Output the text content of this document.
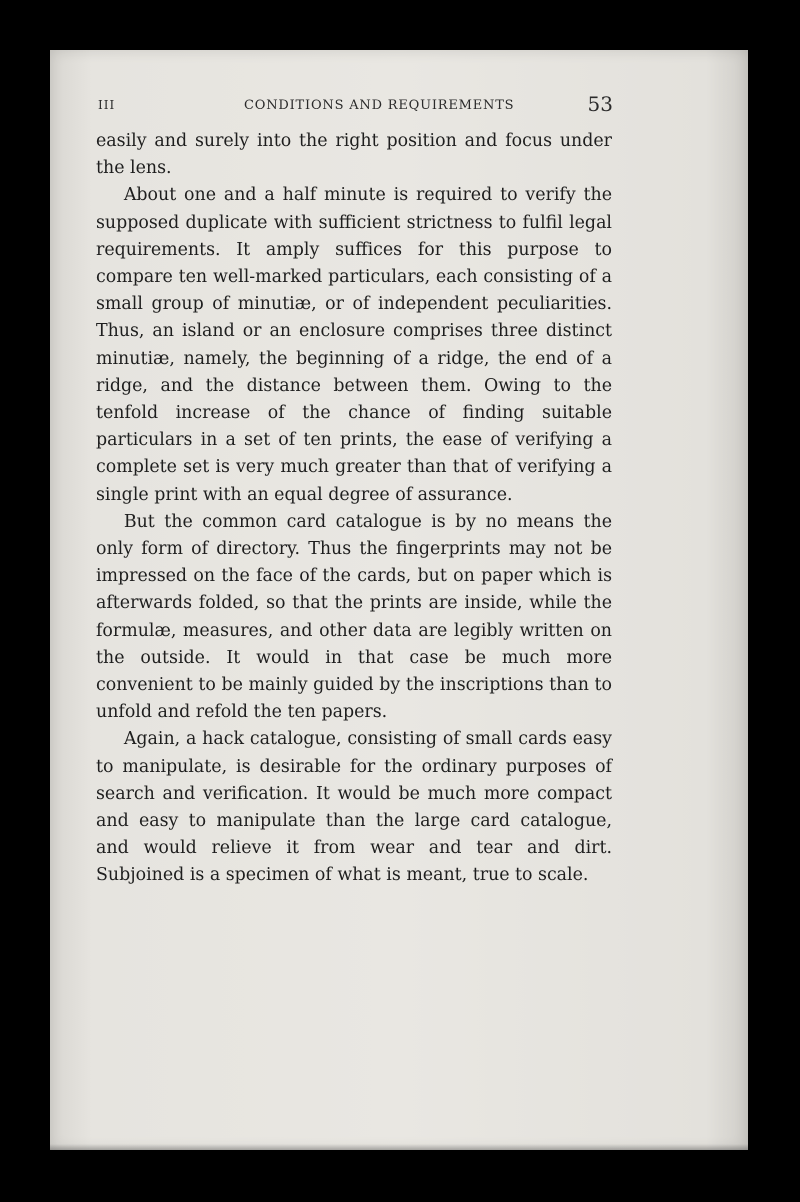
III	CONDITIONS AND REQUIREMENTS	53

easily and surely into the right position and focus under the lens.

About one and a half minute is required to verify the supposed duplicate with sufficient strictness to fulfil legal requirements. It amply suffices for this purpose to compare ten well-marked particulars, each consisting of a small group of minutiæ, or of independent peculiarities. Thus, an island or an enclosure comprises three distinct minutiæ, namely, the beginning of a ridge, the end of a ridge, and the distance between them. Owing to the tenfold increase of the chance of finding suitable particulars in a set of ten prints, the ease of verifying a complete set is very much greater than that of verifying a single print with an equal degree of assurance.

But the common card catalogue is by no means the only form of directory. Thus the fingerprints may not be impressed on the face of the cards, but on paper which is afterwards folded, so that the prints are inside, while the formulæ, measures, and other data are legibly written on the outside. It would in that case be much more convenient to be mainly guided by the inscriptions than to unfold and refold the ten papers.

Again, a hack catalogue, consisting of small cards easy to manipulate, is desirable for the ordinary purposes of search and verification. It would be much more compact and easy to manipulate than the large card catalogue, and would relieve it from wear and tear and dirt. Subjoined is a specimen of what is meant, true to scale.
